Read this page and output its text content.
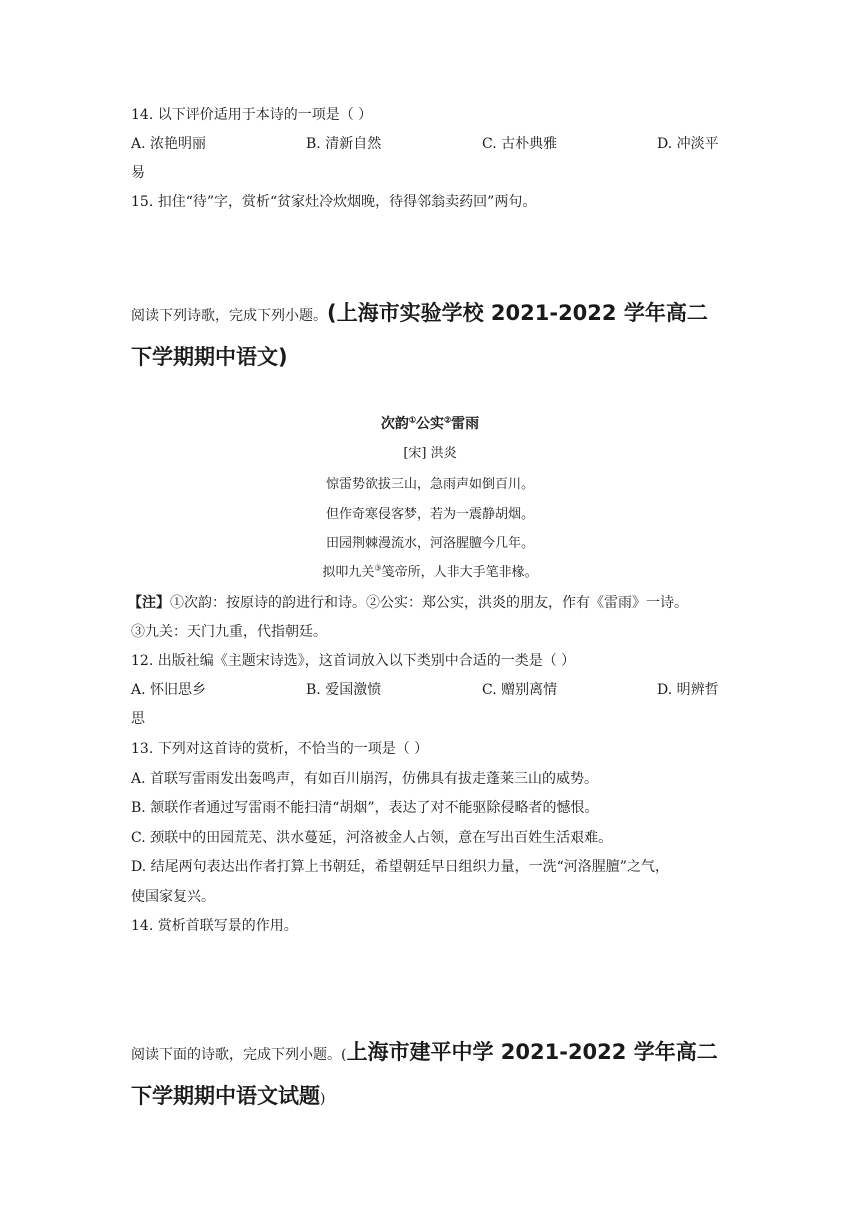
14. 以下评价适用于本诗的一项是（ ）
A. 浓艳明丽	B. 清新自然	C. 古朴典雅	D. 冲淡平
易
15. 扣住“待”字，赏析“贫家灶冷炊烟晚，待得邻翁卖药回”两句。
阅读下列诗歌，完成下列小题。(上海市实验学校 2021-2022 学年高二
下学期期中语文)
次韵①公实②雷雨
[宋] 洪炎
惊雷势欲拔三山，急雨声如倒百川。
但作奇寒侵客梦，若为一震静胡烟。
田园荆棘漫流水，河洛腥膻今几年。
拟叩九关③笺帝所，人非大手笔非椽。
【注】①次韵：按原诗的韵进行和诗。②公实：郑公实，洪炎的朋友，作有《雷雨》一诗。
③九关：天门九重，代指朝廷。
12. 出版社编《主题宋诗选》，这首词放入以下类别中合适的一类是（ ）
A. 怀旧思乡	B. 爱国激愤	C. 赠别离情	D. 明辨哲
思
13. 下列对这首诗的赏析，不恰当的一项是（ ）
A. 首联写雷雨发出轰鸣声，有如百川崩泻，仿佛具有拔走蓬莱三山的威势。
B. 颔联作者通过写雷雨不能扫清“胡烟”，表达了对不能驱除侵略者的憾恨。
C. 颈联中的田园荒芜、洪水蔓延，河洛被金人占领，意在写出百姓生活艰难。
D. 结尾两句表达出作者打算上书朝廷，希望朝廷早日组织力量，一洗“河洛腥膻”之气，
使国家复兴。
14. 赏析首联写景的作用。
阅读下面的诗歌，完成下列小题。(上海市建平中学 2021-2022 学年高二
下学期期中语文试题)
